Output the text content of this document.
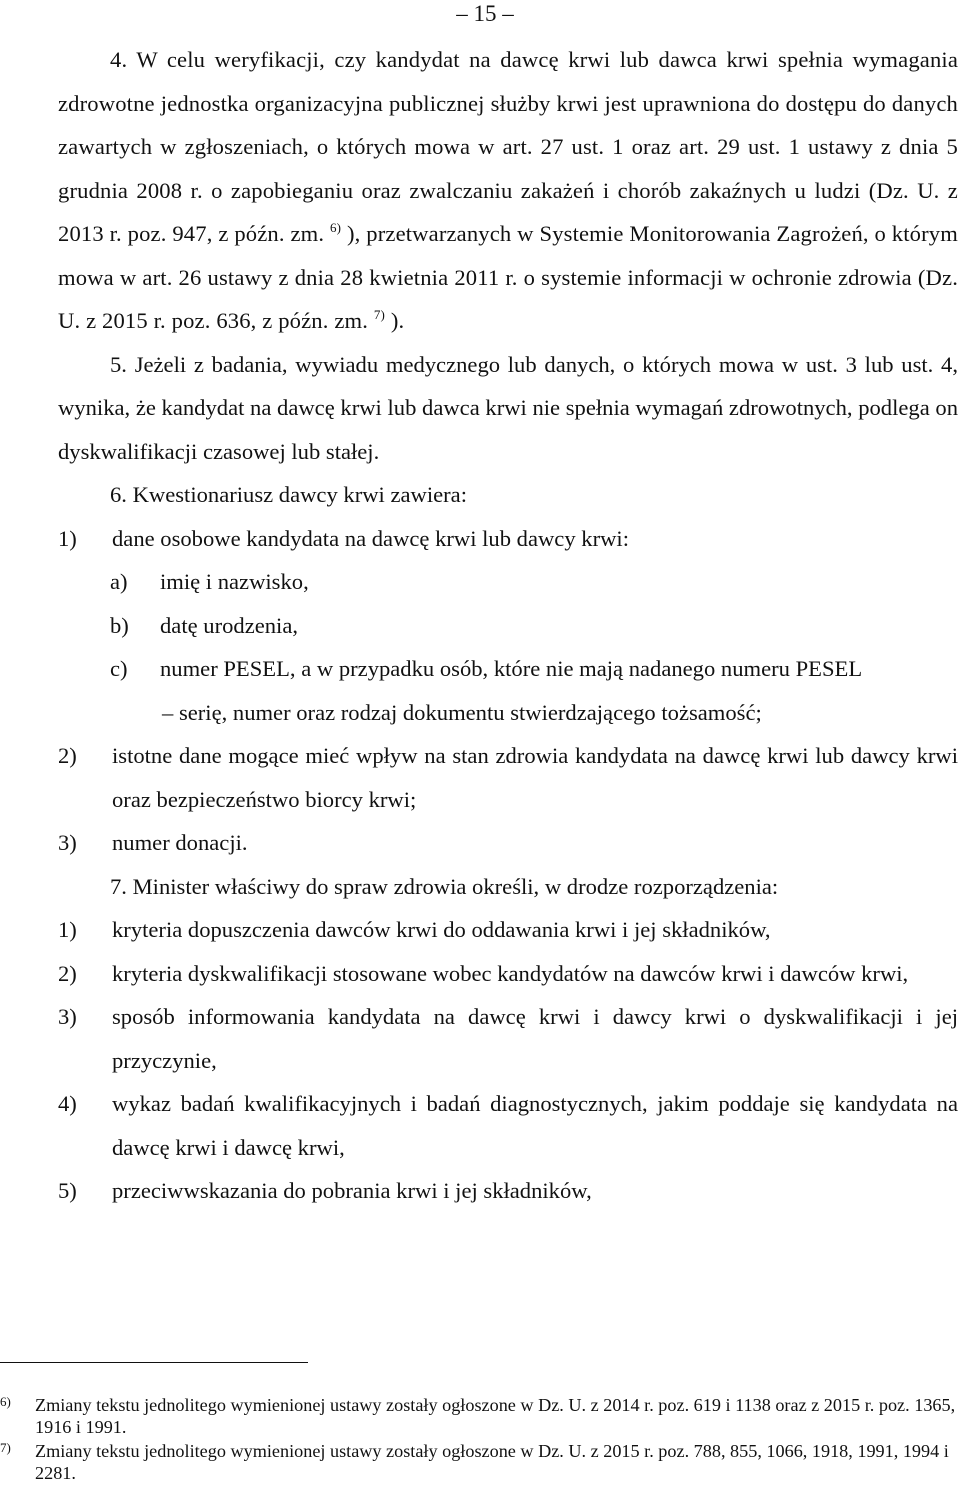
– 15 –

4. W celu weryfikacji, czy kandydat na dawcę krwi lub dawca krwi spełnia wymagania zdrowotne jednostka organizacyjna publicznej służby krwi jest uprawniona do dostępu do danych zawartych w zgłoszeniach, o których mowa w art. 27 ust. 1 oraz art. 29 ust. 1 ustawy z dnia 5 grudnia 2008 r. o zapobieganiu oraz zwalczaniu zakażeń i chorób zakaźnych u ludzi (Dz. U. z 2013 r. poz. 947, z późn. zm. $^{6)}$ ), przetwarzanych w Systemie Monitorowania Zagrożeń, o którym mowa w art. 26 ustawy z dnia 28 kwietnia 2011 r. o systemie informacji w ochronie zdrowia (Dz. U. z 2015 r. poz. 636, z późn. zm. $^{7)}$ ).

5. Jeżeli z badania, wywiadu medycznego lub danych, o których mowa w ust. 3 lub ust. 4, wynika, że kandydat na dawcę krwi lub dawca krwi nie spełnia wymagań zdrowotnych, podlega on dyskwalifikacji czasowej lub stałej.

6. Kwestionariusz dawcy krwi zawiera:

1) dane osobowe kandydata na dawcę krwi lub dawcy krwi:
a) imię i nazwisko,
b) datę urodzenia,
c) numer PESEL, a w przypadku osób, które nie mają nadanego numeru PESEL

– serię, numer oraz rodzaj dokumentu stwierdzającego tożsamość;

2) istotne dane mogące mieć wpływ na stan zdrowia kandydata na dawcę krwi lub dawcy krwi oraz bezpieczeństwo biorcy krwi;
3) numer donacji.

7. Minister właściwy do spraw zdrowia określi, w drodze rozporządzenia:

1) kryteria dopuszczenia dawców krwi do oddawania krwi i jej składników,
2) kryteria dyskwalifikacji stosowane wobec kandydatów na dawców krwi i dawców krwi,
3) sposób informowania kandydata na dawcę krwi i dawcy krwi o dyskwalifikacji i jej przyczynie,
4) wykaz badań kwalifikacyjnych i badań diagnostycznych, jakim poddaje się kandydata na dawcę krwi i dawcę krwi,
5) przeciwwskazania do pobrania krwi i jej składników,
6) Zmiany tekstu jednolitego wymienionej ustawy zostały ogłoszone w Dz. U. z 2014 r. poz. 619 i 1138 oraz z 2015 r. poz. 1365, 1916 i 1991.
7) Zmiany tekstu jednolitego wymienionej ustawy zostały ogłoszone w Dz. U. z 2015 r. poz. 788, 855, 1066, 1918, 1991, 1994 i 2281.
